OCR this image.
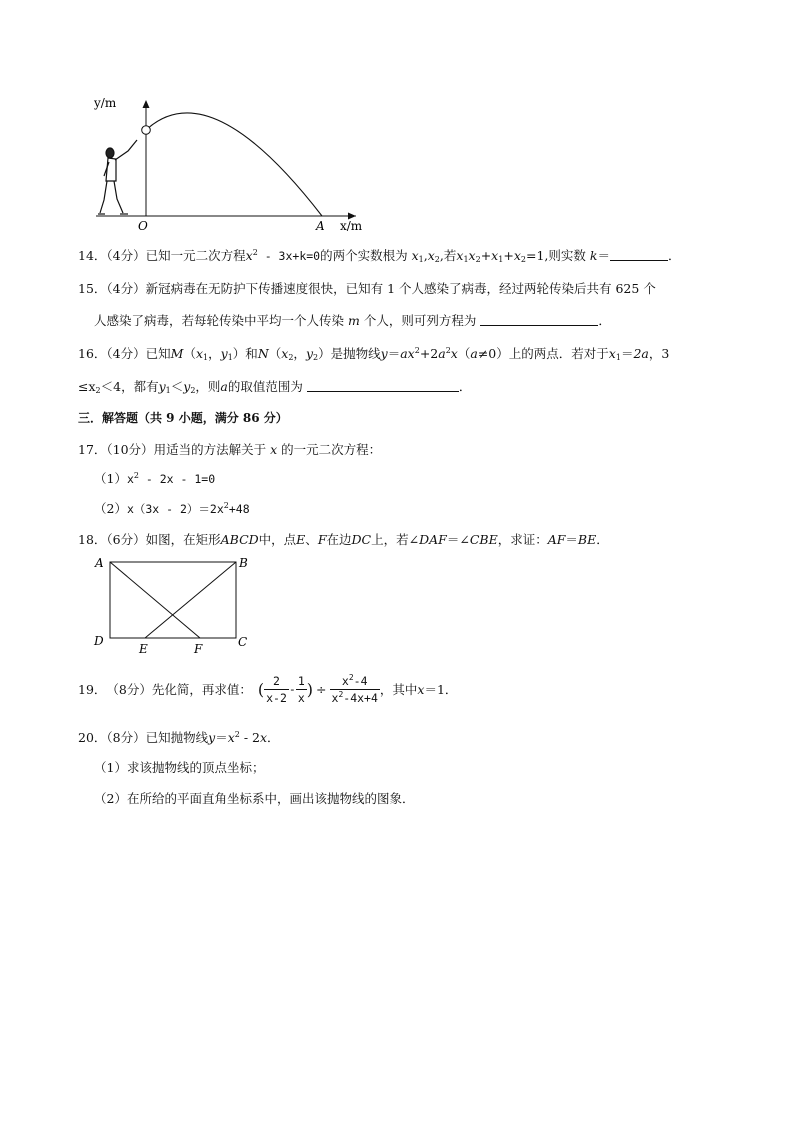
y/m
O	A x/m
14．（4分）已知一元二次方程$x^2 - 3x+k=0$的两个实数根为 $x_1,x_2$,若$x_1x_2+x_1+x_2=1$,则实数 k＝	．
15．（4分）新冠病毒在无防护下传播速度很快，已知有 1 个人感染了病毒，经过两轮传染后共有 625 个
人感染了病毒，若每轮传染中平均一个人传染 m 个人，则可列方程为	．
16．（4分）已知$M(x_1$，$y_1$）和$N(x_2$，$y_2$）是抛物线$y=ax^2+2a^2x(a\ne 0)$上的两点．若对于$x_1=2a$，3
$\le x_2<4$，都有$y_1<y_2$，则a的取值范围为	．
三．解答题（共 9 小题，满分 86 分）
17．（10分）用适当的方法解关于 x 的一元二次方程：
$(1)x^2 - 2x - 1=0$
$(2)x(3x - 2)=2x^2+48$
18．（6分）如图，在矩形ABCD中，点E、F在边DC上，若∠DAF＝∠CBE，求证：AF＝BE．
A	B
C
D
E	F
19． （8分） 先化简，再求值： ( $\frac{2}{x-2} - \frac{1}{x}$ ) ÷ $\frac{x^2-4}{x^2-4x+4}$ ，其中 x ＝1．
20．（8分）已知抛物线$y=x^2 - 2x$．
（1）求该抛物线的顶点坐标；
（2）在所给的平面直角坐标系中，画出该抛物线的图象．
